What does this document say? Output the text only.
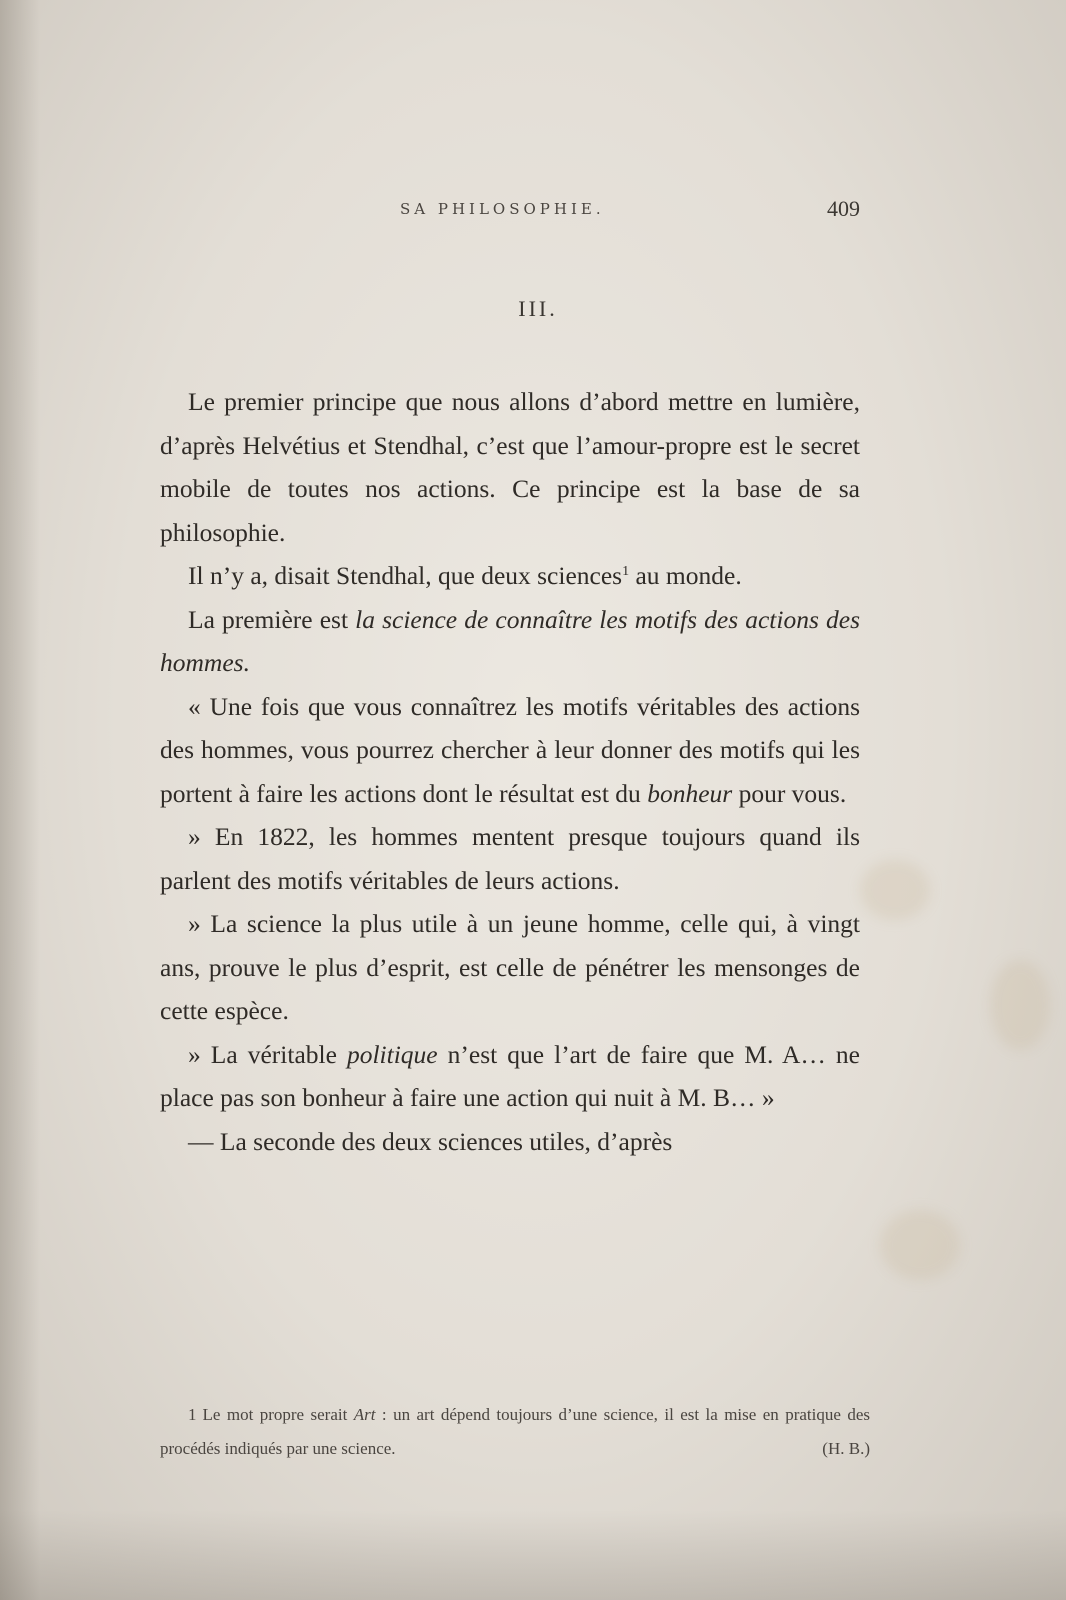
SA PHILOSOPHIE.	409
III.

Le premier principe que nous allons d’abord mettre en lumière, d’après Helvétius et Stendhal, c’est que l’amour-propre est le secret mobile de toutes nos actions. Ce principe est la base de sa philosophie.

Il n’y a, disait Stendhal, que deux sciences$^1$ au monde.

La première est la science de connaître les motifs des actions des hommes.

« Une fois que vous connaîtrez les motifs véritables des actions des hommes, vous pourrez chercher à leur donner des motifs qui les portent à faire les actions dont le résultat est du bonheur pour vous.

» En 1822, les hommes mentent presque toujours quand ils parlent des motifs véritables de leurs actions.

» La science la plus utile à un jeune homme, celle qui, à vingt ans, prouve le plus d’esprit, est celle de pénétrer les mensonges de cette espèce.

» La véritable politique n’est que l’art de faire que M. A… ne place pas son bonheur à faire une action qui nuit à M. B… »

— La seconde des deux sciences utiles, d’après

1 Le mot propre serait Art : un art dépend toujours d’une science, il est la mise en pratique des procédés indiqués par une science.	(H. B.)
